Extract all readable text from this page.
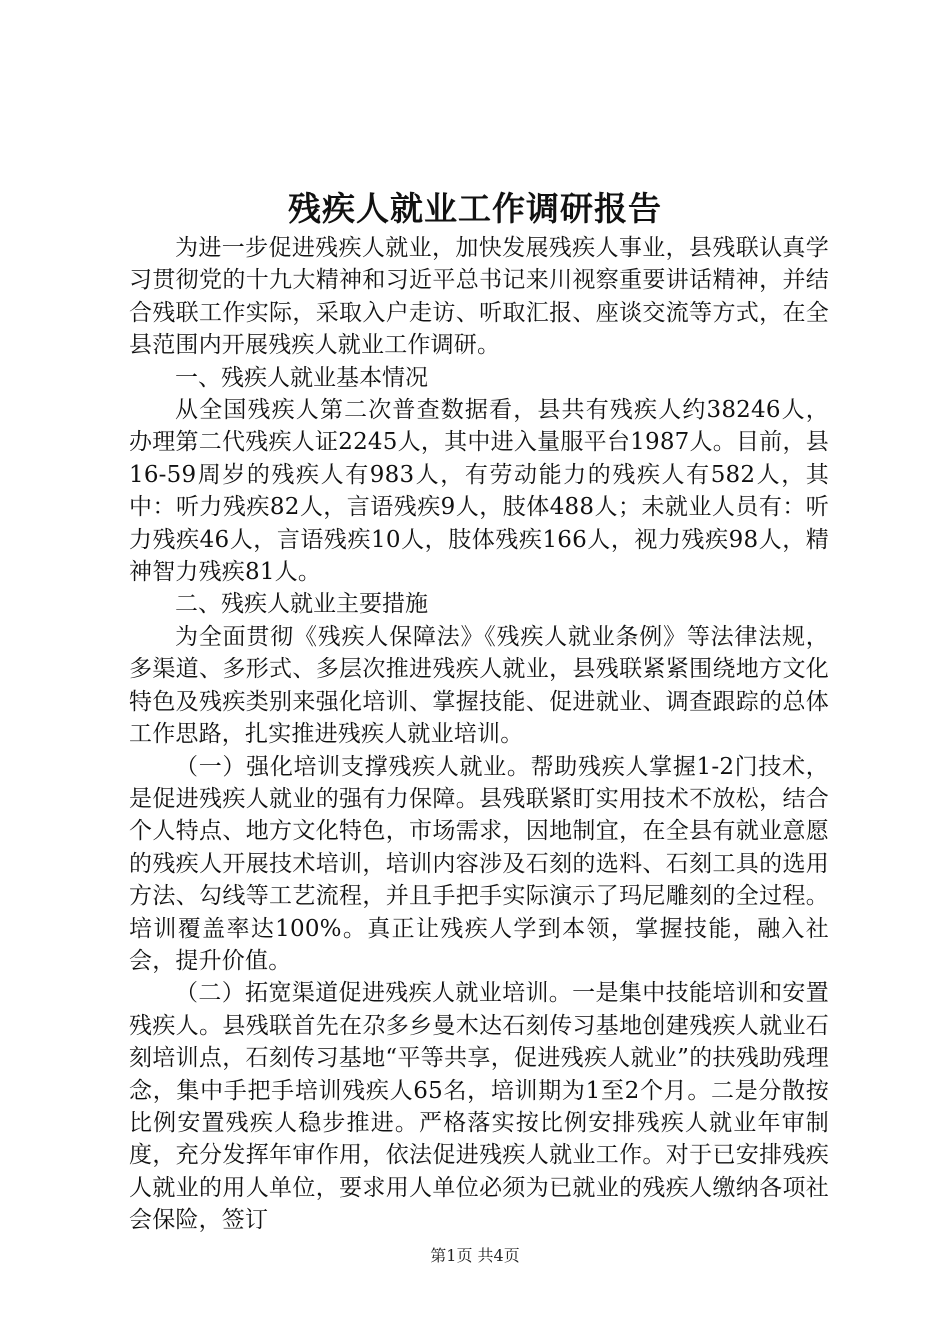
残疾人就业工作调研报告

为进一步促进残疾人就业，加快发展残疾人事业，县残联认真学习贯彻党的十九大精神和习近平总书记来川视察重要讲话精神，并结合残联工作实际，采取入户走访、听取汇报、座谈交流等方式，在全县范围内开展残疾人就业工作调研。

一、残疾人就业基本情况

从全国残疾人第二次普查数据看，县共有残疾人约38246人，办理第二代残疾人证2245人，其中进入量服平台1987人。目前，县16-59周岁的残疾人有983人，有劳动能力的残疾人有582人，其中：听力残疾82人，言语残疾9人，肢体488人；未就业人员有：听力残疾46人，言语残疾10人，肢体残疾166人，视力残疾98人，精神智力残疾81人。

二、残疾人就业主要措施

为全面贯彻《残疾人保障法》《残疾人就业条例》等法律法规，多渠道、多形式、多层次推进残疾人就业，县残联紧紧围绕地方文化特色及残疾类别来强化培训、掌握技能、促进就业、调查跟踪的总体工作思路，扎实推进残疾人就业培训。

（一）强化培训支撑残疾人就业。帮助残疾人掌握1-2门技术，是促进残疾人就业的强有力保障。县残联紧盯实用技术不放松，结合个人特点、地方文化特色，市场需求，因地制宜，在全县有就业意愿的残疾人开展技术培训，培训内容涉及石刻的选料、石刻工具的选用方法、勾线等工艺流程，并且手把手实际演示了玛尼雕刻的全过程。培训覆盖率达100%。真正让残疾人学到本领，掌握技能，融入社会，提升价值。

（二）拓宽渠道促进残疾人就业培训。一是集中技能培训和安置残疾人。县残联首先在尕多乡曼木达石刻传习基地创建残疾人就业石刻培训点，石刻传习基地“平等共享，促进残疾人就业”的扶残助残理念，集中手把手培训残疾人65名，培训期为1至2个月。二是分散按比例安置残疾人稳步推进。严格落实按比例安排残疾人就业年审制度，充分发挥年审作用，依法促进残疾人就业工作。对于已安排残疾人就业的用人单位，要求用人单位必须为已就业的残疾人缴纳各项社会保险，签订

第1页 共4页
